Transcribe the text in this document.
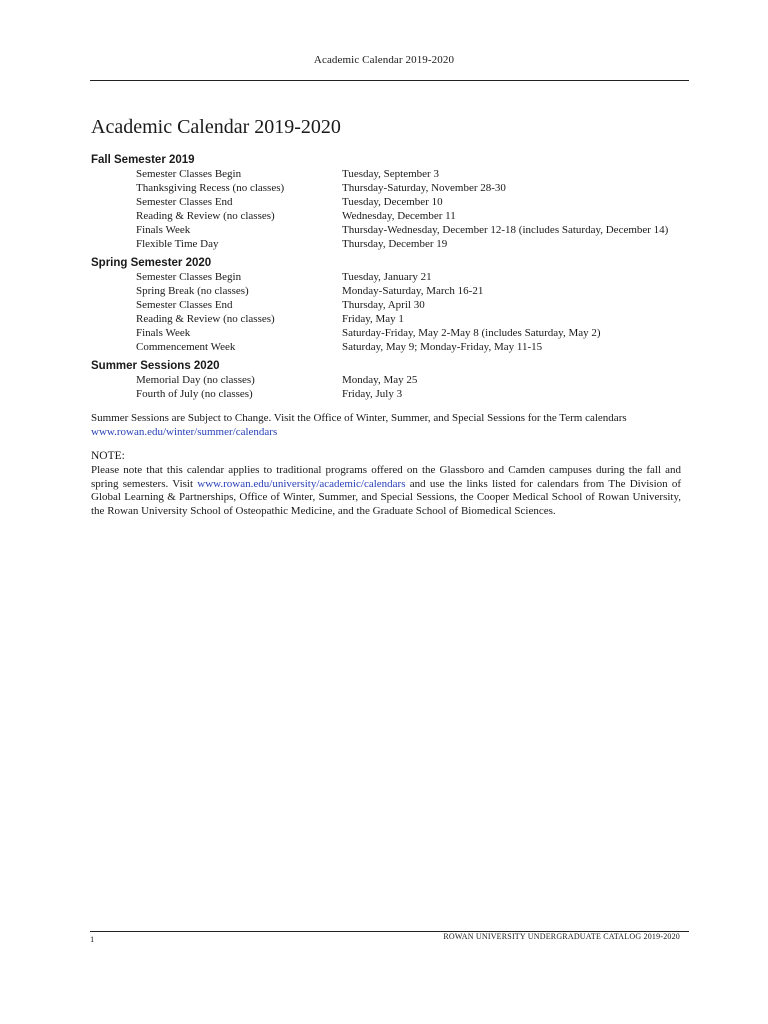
Academic Calendar 2019-2020
Academic Calendar 2019-2020
Fall Semester 2019
Semester Classes Begin	Tuesday, September 3
Thanksgiving Recess (no classes)	Thursday-Saturday, November 28-30
Semester Classes End	Tuesday, December 10
Reading & Review (no classes)	Wednesday, December 11
Finals Week	Thursday-Wednesday, December 12-18 (includes Saturday, December 14)
Flexible Time Day	Thursday, December 19
Spring Semester 2020
Semester Classes Begin	Tuesday, January 21
Spring Break (no classes)	Monday-Saturday, March 16-21
Semester Classes End	Thursday, April 30
Reading & Review (no classes)	Friday, May 1
Finals Week	Saturday-Friday, May 2-May 8 (includes Saturday, May 2)
Commencement Week	Saturday, May 9; Monday-Friday, May 11-15
Summer Sessions 2020
Memorial Day (no classes)	Monday, May 25
Fourth of July (no classes)	Friday, July 3

Summer Sessions are Subject to Change. Visit the Office of Winter, Summer, and Special Sessions for the Term calendars
www.rowan.edu/winter/summer/calendars

NOTE:

Please note that this calendar applies to traditional programs offered on the Glassboro and Camden campuses during the fall and spring semesters. Visit www.rowan.edu/university/academic/calendars and use the links listed for calendars from The Division of Global Learning & Partnerships, Office of Winter, Summer, and Special Sessions, the Cooper Medical School of Rowan University, the Rowan University School of Osteopathic Medicine, and the Graduate School of Biomedical Sciences.

1	ROWAN UNIVERSITY UNDERGRADUATE CATALOG 2019-2020
